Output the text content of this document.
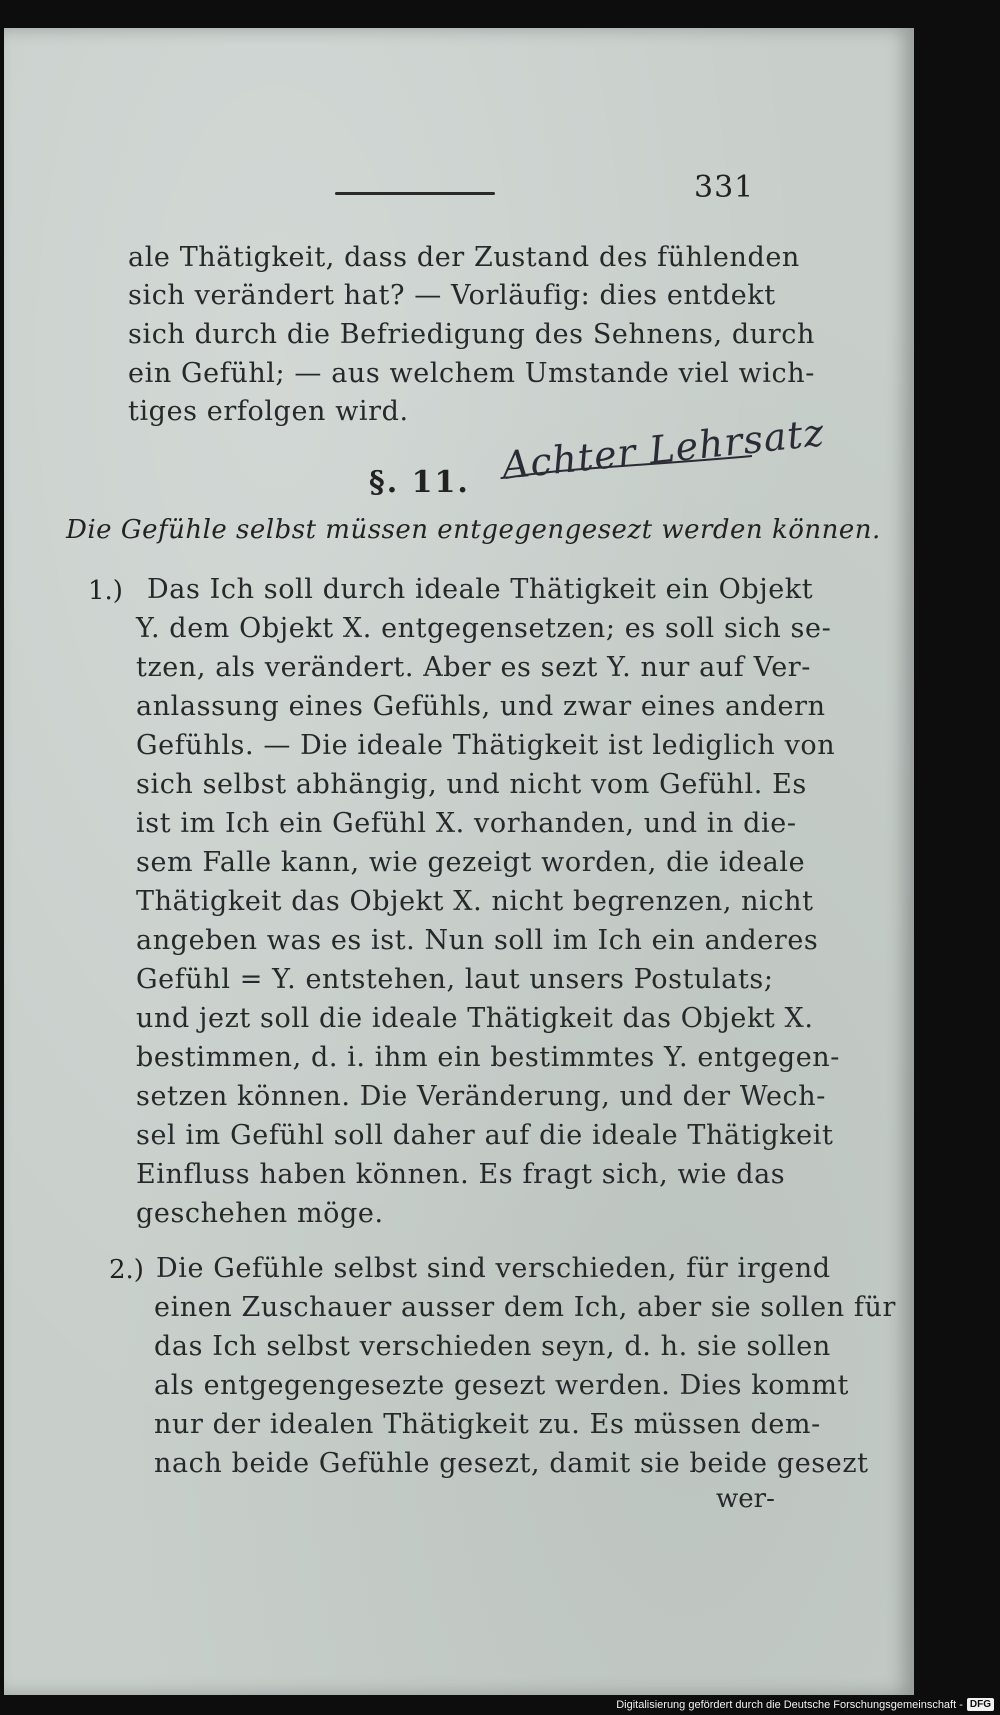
331
ale Thätigkeit, dass der Zustand des fühlenden
sich verändert hat? — Vorläufig: dies entdekt
sich durch die Befriedigung des Sehnens, durch
ein Gefühl; — aus welchem Umstande viel wich-
tiges erfolgen wird.
§. 11. Achter Lehrsatz
Die Gefühle selbst müssen entgegengesezt werden können.
1.) Das Ich soll durch ideale Thätigkeit ein Objekt
Y. dem Objekt X. entgegensetzen; es soll sich se-
tzen, als verändert. Aber es sezt Y. nur auf Ver-
anlassung eines Gefühls, und zwar eines andern
Gefühls. — Die ideale Thätigkeit ist lediglich von
sich selbst abhängig, und nicht vom Gefühl. Es
ist im Ich ein Gefühl X. vorhanden, und in die-
sem Falle kann, wie gezeigt worden, die ideale
Thätigkeit das Objekt X. nicht begrenzen, nicht
angeben was es ist. Nun soll im Ich ein anderes
Gefühl = Y. entstehen, laut unsers Postulats;
und jezt soll die ideale Thätigkeit das Objekt X.
bestimmen, d. i. ihm ein bestimmtes Y. entgegen-
setzen können. Die Veränderung, und der Wech-
sel im Gefühl soll daher auf die ideale Thätigkeit
Einfluss haben können. Es fragt sich, wie das
geschehen möge.
2.) Die Gefühle selbst sind verschieden, für irgend
einen Zuschauer ausser dem Ich, aber sie sollen für
das Ich selbst verschieden seyn, d. h. sie sollen
als entgegengesezte gesezt werden. Dies kommt
nur der idealen Thätigkeit zu. Es müssen dem-
nach beide Gefühle gesezt, damit sie beide gesezt
wer-
Digitalisierung gefördert durch die Deutsche Forschungsgemeinschaft - DFG
